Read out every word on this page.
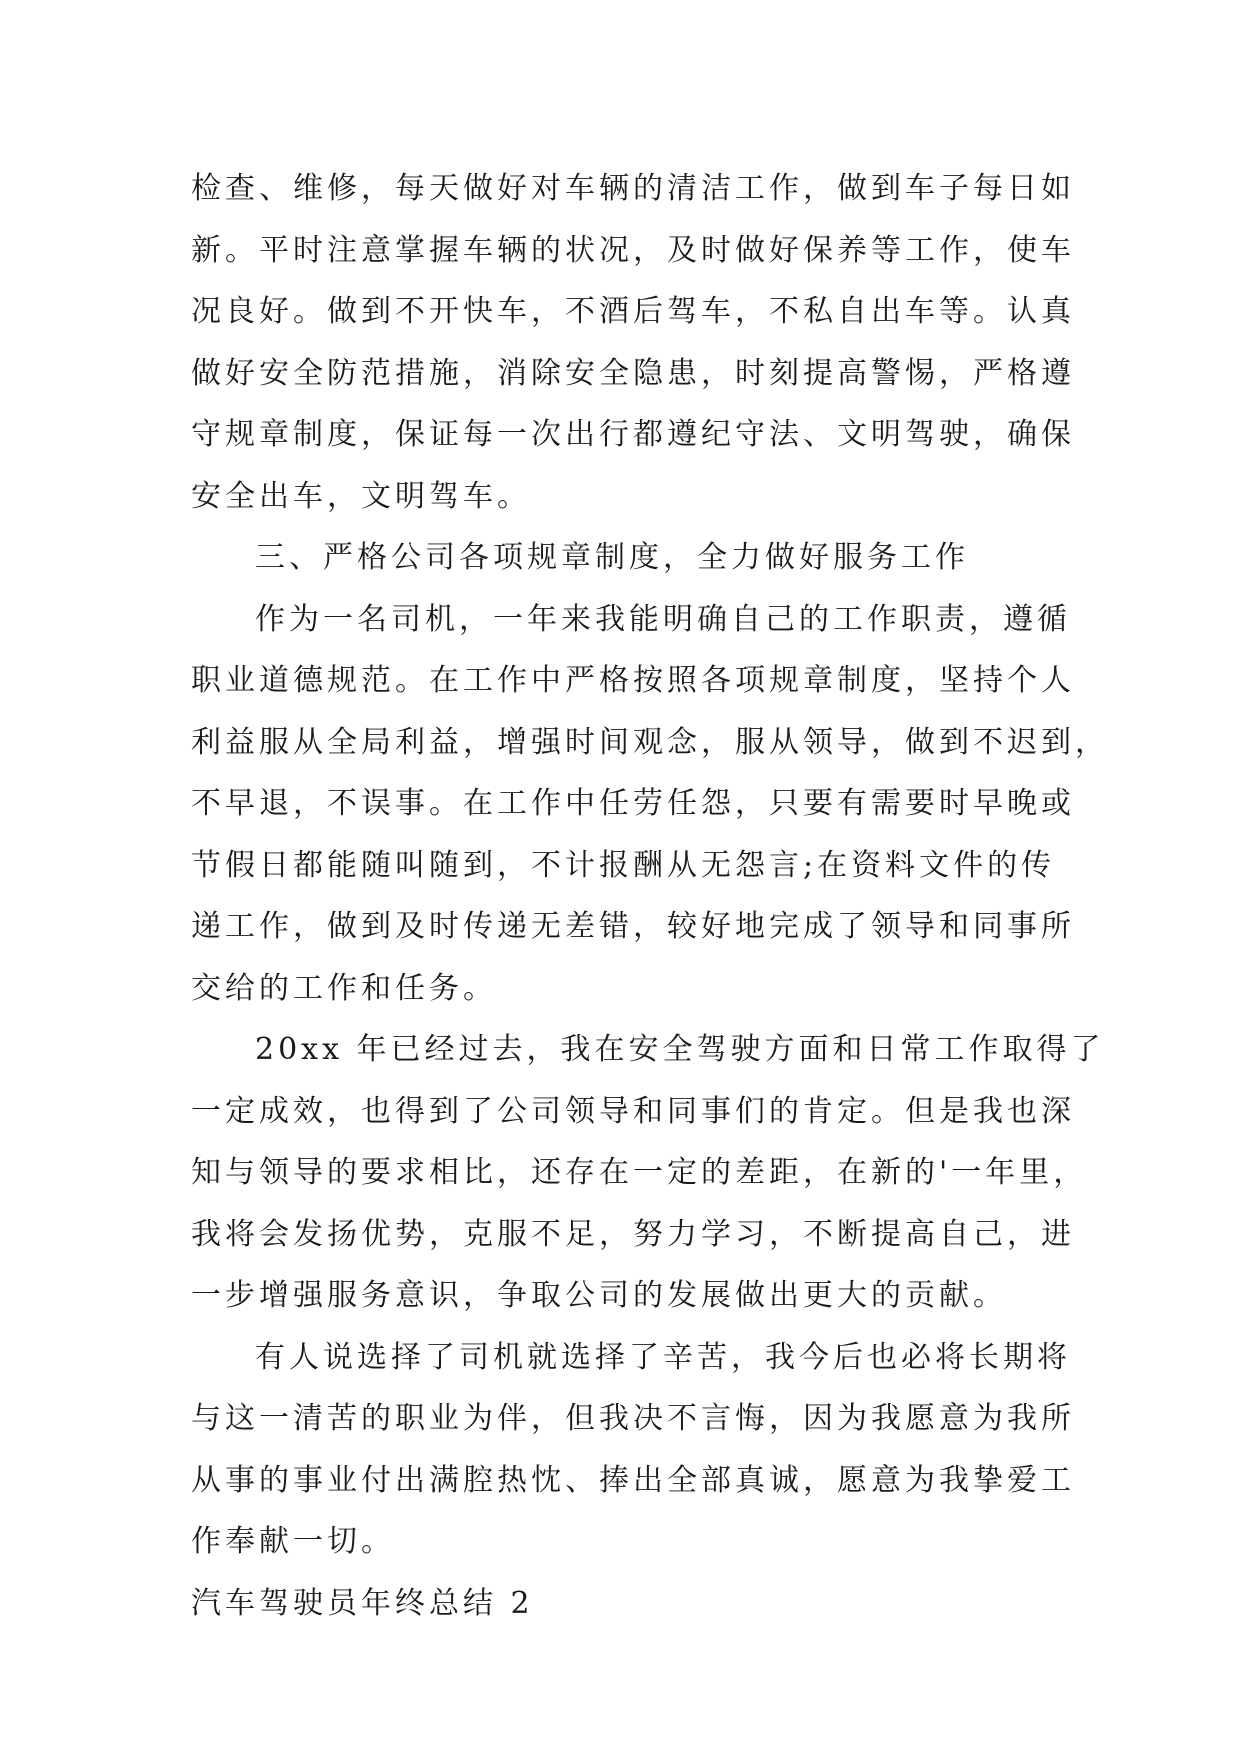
检查、维修，每天做好对车辆的清洁工作，做到车子每日如
新。平时注意掌握车辆的状况，及时做好保养等工作，使车
况良好。做到不开快车，不酒后驾车，不私自出车等。认真
做好安全防范措施，消除安全隐患，时刻提高警惕，严格遵
守规章制度，保证每一次出行都遵纪守法、文明驾驶，确保
安全出车，文明驾车。
三、严格公司各项规章制度，全力做好服务工作
作为一名司机，一年来我能明确自己的工作职责，遵循
职业道德规范。在工作中严格按照各项规章制度，坚持个人
利益服从全局利益，增强时间观念，服从领导，做到不迟到，
不早退，不误事。在工作中任劳任怨，只要有需要时早晚或
节假日都能随叫随到，不计报酬从无怨言;在资料文件的传
递工作，做到及时传递无差错，较好地完成了领导和同事所
交给的工作和任务。
20xx 年已经过去，我在安全驾驶方面和日常工作取得了
一定成效，也得到了公司领导和同事们的肯定。但是我也深
知与领导的要求相比，还存在一定的差距，在新的'一年里，
我将会发扬优势，克服不足，努力学习，不断提高自己，进
一步增强服务意识，争取公司的发展做出更大的贡献。
有人说选择了司机就选择了辛苦，我今后也必将长期将
与这一清苦的职业为伴，但我决不言悔，因为我愿意为我所
从事的事业付出满腔热忱、捧出全部真诚，愿意为我挚爱工
作奉献一切。
汽车驾驶员年终总结 2
